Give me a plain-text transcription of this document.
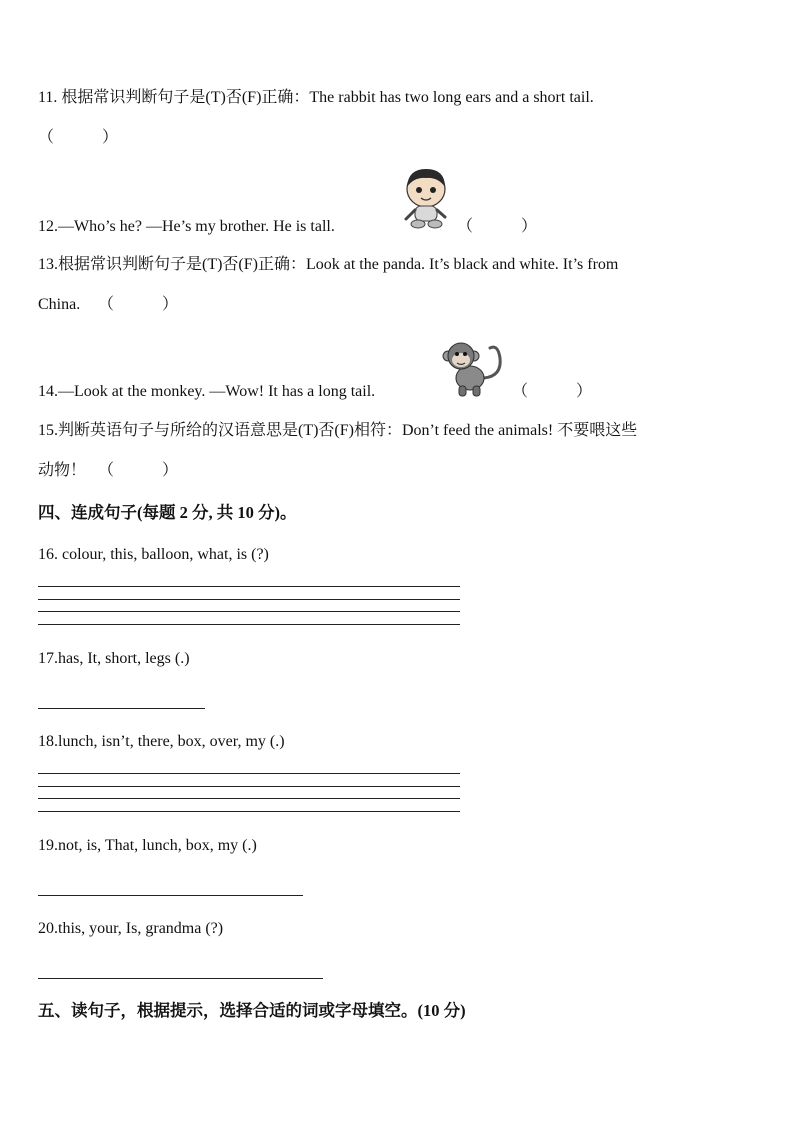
11. 根据常识判断句子是(T)否(F)正确：The rabbit has two long ears and a short tail.
（　　　）
12.—Who’s he? —He’s my brother. He is tall.	（　　　）
13.根据常识判断句子是(T)否(F)正确：Look at the panda. It’s black and white. It’s from
China. （　　　）
14.—Look at the monkey. —Wow! It has a long tail.	（　　　）
15.判断英语句子与所给的汉语意思是(T)否(F)相符：Don’t feed the animals! 不要喂这些
动物！ （　　　）
四、连成句子(每题 2 分, 共 10 分)。
16. colour, this, balloon, what, is (?)
17.has, It, short, legs (.)
18.lunch, isn’t, there, box, over, my (.)
19.not, is, That, lunch, box, my (.)
20.this, your, Is, grandma (?)
五、读句子，根据提示，选择合适的词或字母填空。(10 分)
